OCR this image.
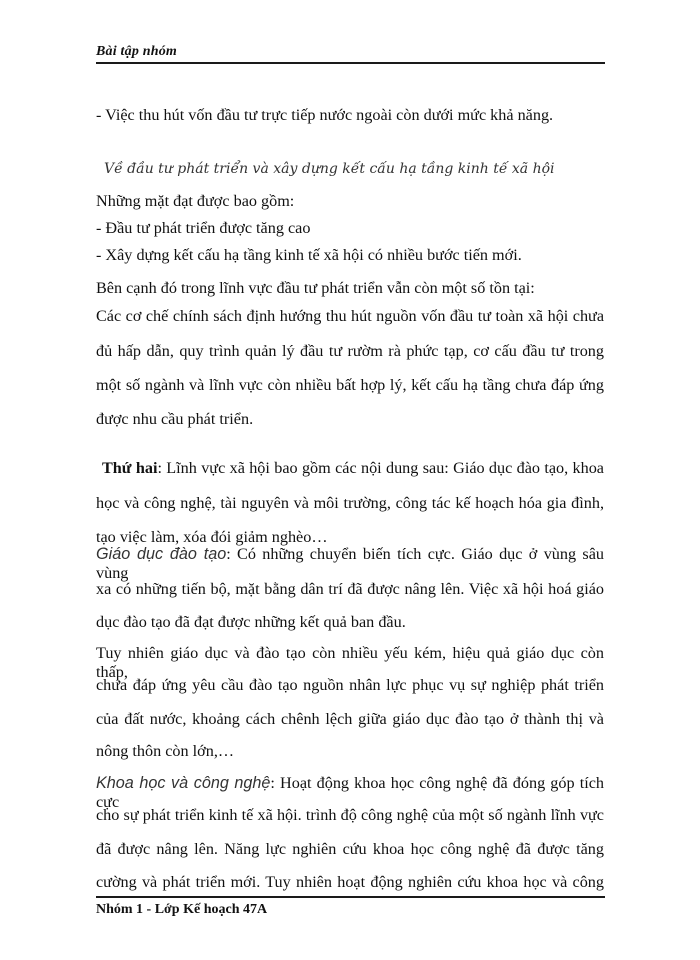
Bài tập nhóm
- Việc thu hút vốn đầu tư trực tiếp nước ngoài còn dưới mức khả năng.
Về đầu tư phát triển và xây dựng kết cấu hạ tầng kinh tế xã hội
Những mặt đạt được bao gồm:
- Đầu tư phát triển được tăng cao
- Xây dựng kết cấu hạ tầng kinh tế xã hội có nhiều bước tiến mới.
Bên cạnh đó trong lĩnh vực đầu tư phát triển vẫn còn một số tồn tại:
Các cơ chế chính sách định hướng thu hút nguồn vốn đầu tư toàn xã hội chưa
đủ hấp dẫn, quy trình quản lý đầu tư rườm rà phức tạp, cơ cấu đầu tư trong
một số ngành và lĩnh vực còn nhiều bất hợp lý, kết cấu hạ tầng chưa đáp ứng
được nhu cầu phát triển.
Thứ hai: Lĩnh vực xã hội bao gồm các nội dung sau: Giáo dục đào tạo, khoa
học và công nghệ, tài nguyên và môi trường, công tác kế hoạch hóa gia đình,
tạo việc làm, xóa đói giảm nghèo…
Giáo dục đào tạo: Có những chuyển biến tích cực. Giáo dục ở vùng sâu vùng
xa có những tiến bộ, mặt bằng dân trí đã được nâng lên. Việc xã hội hoá giáo
dục đào tạo đã đạt được những kết quả ban đầu.
Tuy nhiên giáo dục và đào tạo còn nhiều yếu kém, hiệu quả giáo dục còn thấp,
chưa đáp ứng yêu cầu đào tạo nguồn nhân lực phục vụ sự nghiệp phát triển
của đất nước, khoảng cách chênh lệch giữa giáo dục đào tạo ở thành thị và
nông thôn còn lớn,…
Khoa học và công nghệ: Hoạt động khoa học công nghệ đã đóng góp tích cực
cho sự phát triển kinh tế xã hội. trình độ công nghệ của một số ngành lĩnh vực
đã được nâng lên. Năng lực nghiên cứu khoa học công nghệ đã được tăng
cường và phát triển mới. Tuy nhiên hoạt động nghiên cứu khoa học và công
Nhóm 1 - Lớp Kế hoạch 47A
